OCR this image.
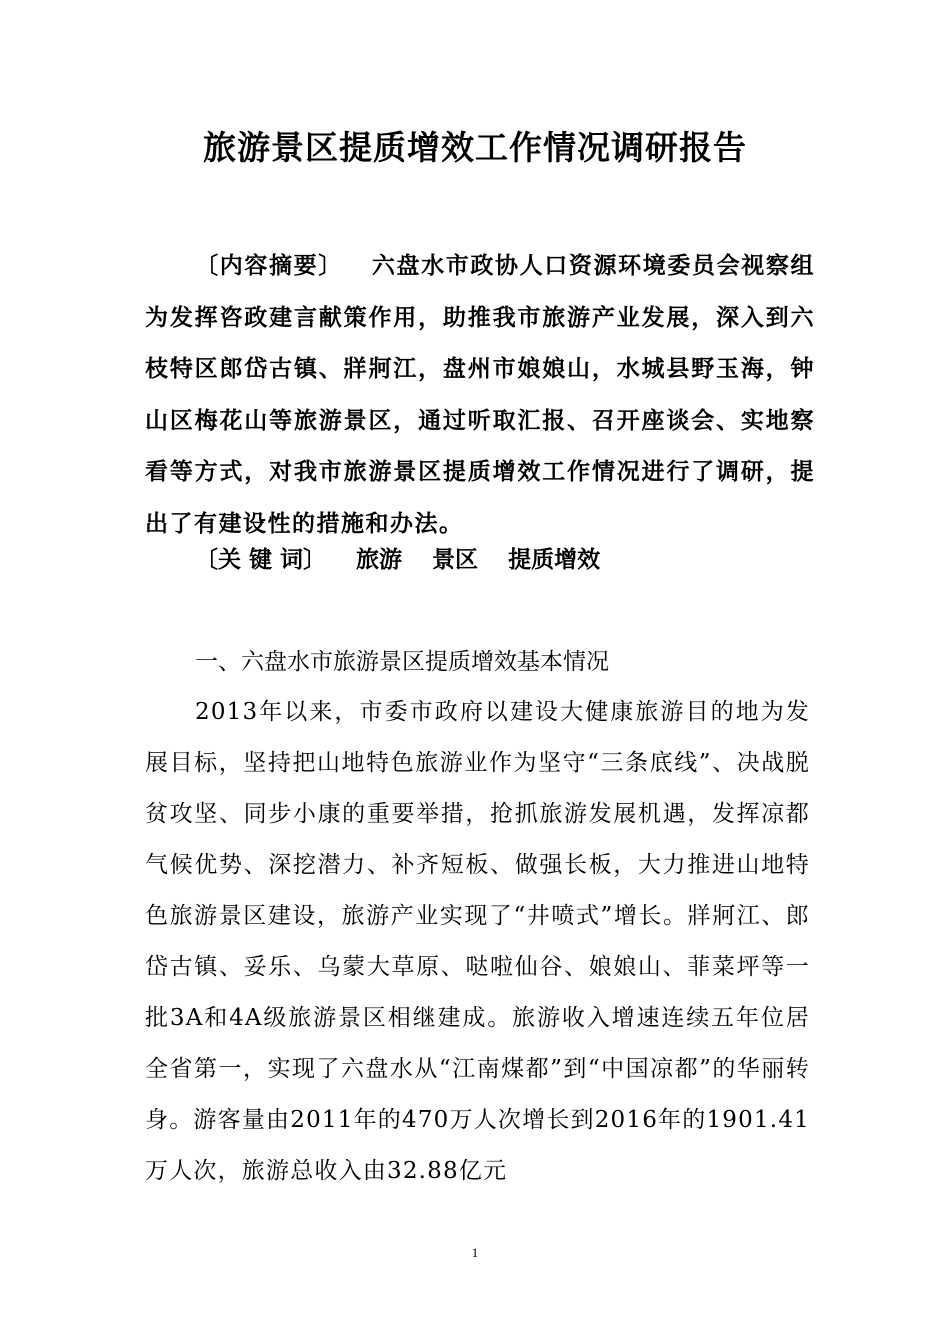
旅游景区提质增效工作情况调研报告
〔内容摘要〕 六盘水市政协人口资源环境委员会视察组为发挥咨政建言献策作用，助推我市旅游产业发展，深入到六枝特区郎岱古镇、牂牁江，盘州市娘娘山，水城县野玉海，钟山区梅花山等旅游景区，通过听取汇报、召开座谈会、实地察看等方式，对我市旅游景区提质增效工作情况进行了调研，提出了有建设性的措施和办法。
〔关 键 词〕 旅游 景区 提质增效
一、六盘水市旅游景区提质增效基本情况
2013年以来，市委市政府以建设大健康旅游目的地为发展目标，坚持把山地特色旅游业作为坚守“三条底线”、决战脱贫攻坚、同步小康的重要举措，抢抓旅游发展机遇，发挥凉都气候优势、深挖潜力、补齐短板、做强长板，大力推进山地特色旅游景区建设，旅游产业实现了“井喷式”增长。牂牁江、郎岱古镇、妥乐、乌蒙大草原、哒啦仙谷、娘娘山、菲菜坪等一批3A和4A级旅游景区相继建成。旅游收入增速连续五年位居全省第一，实现了六盘水从“江南煤都”到“中国凉都”的华丽转身。游客量由2011年的470万人次增长到2016年的1901.41万人次，旅游总收入由32.88亿元
1
